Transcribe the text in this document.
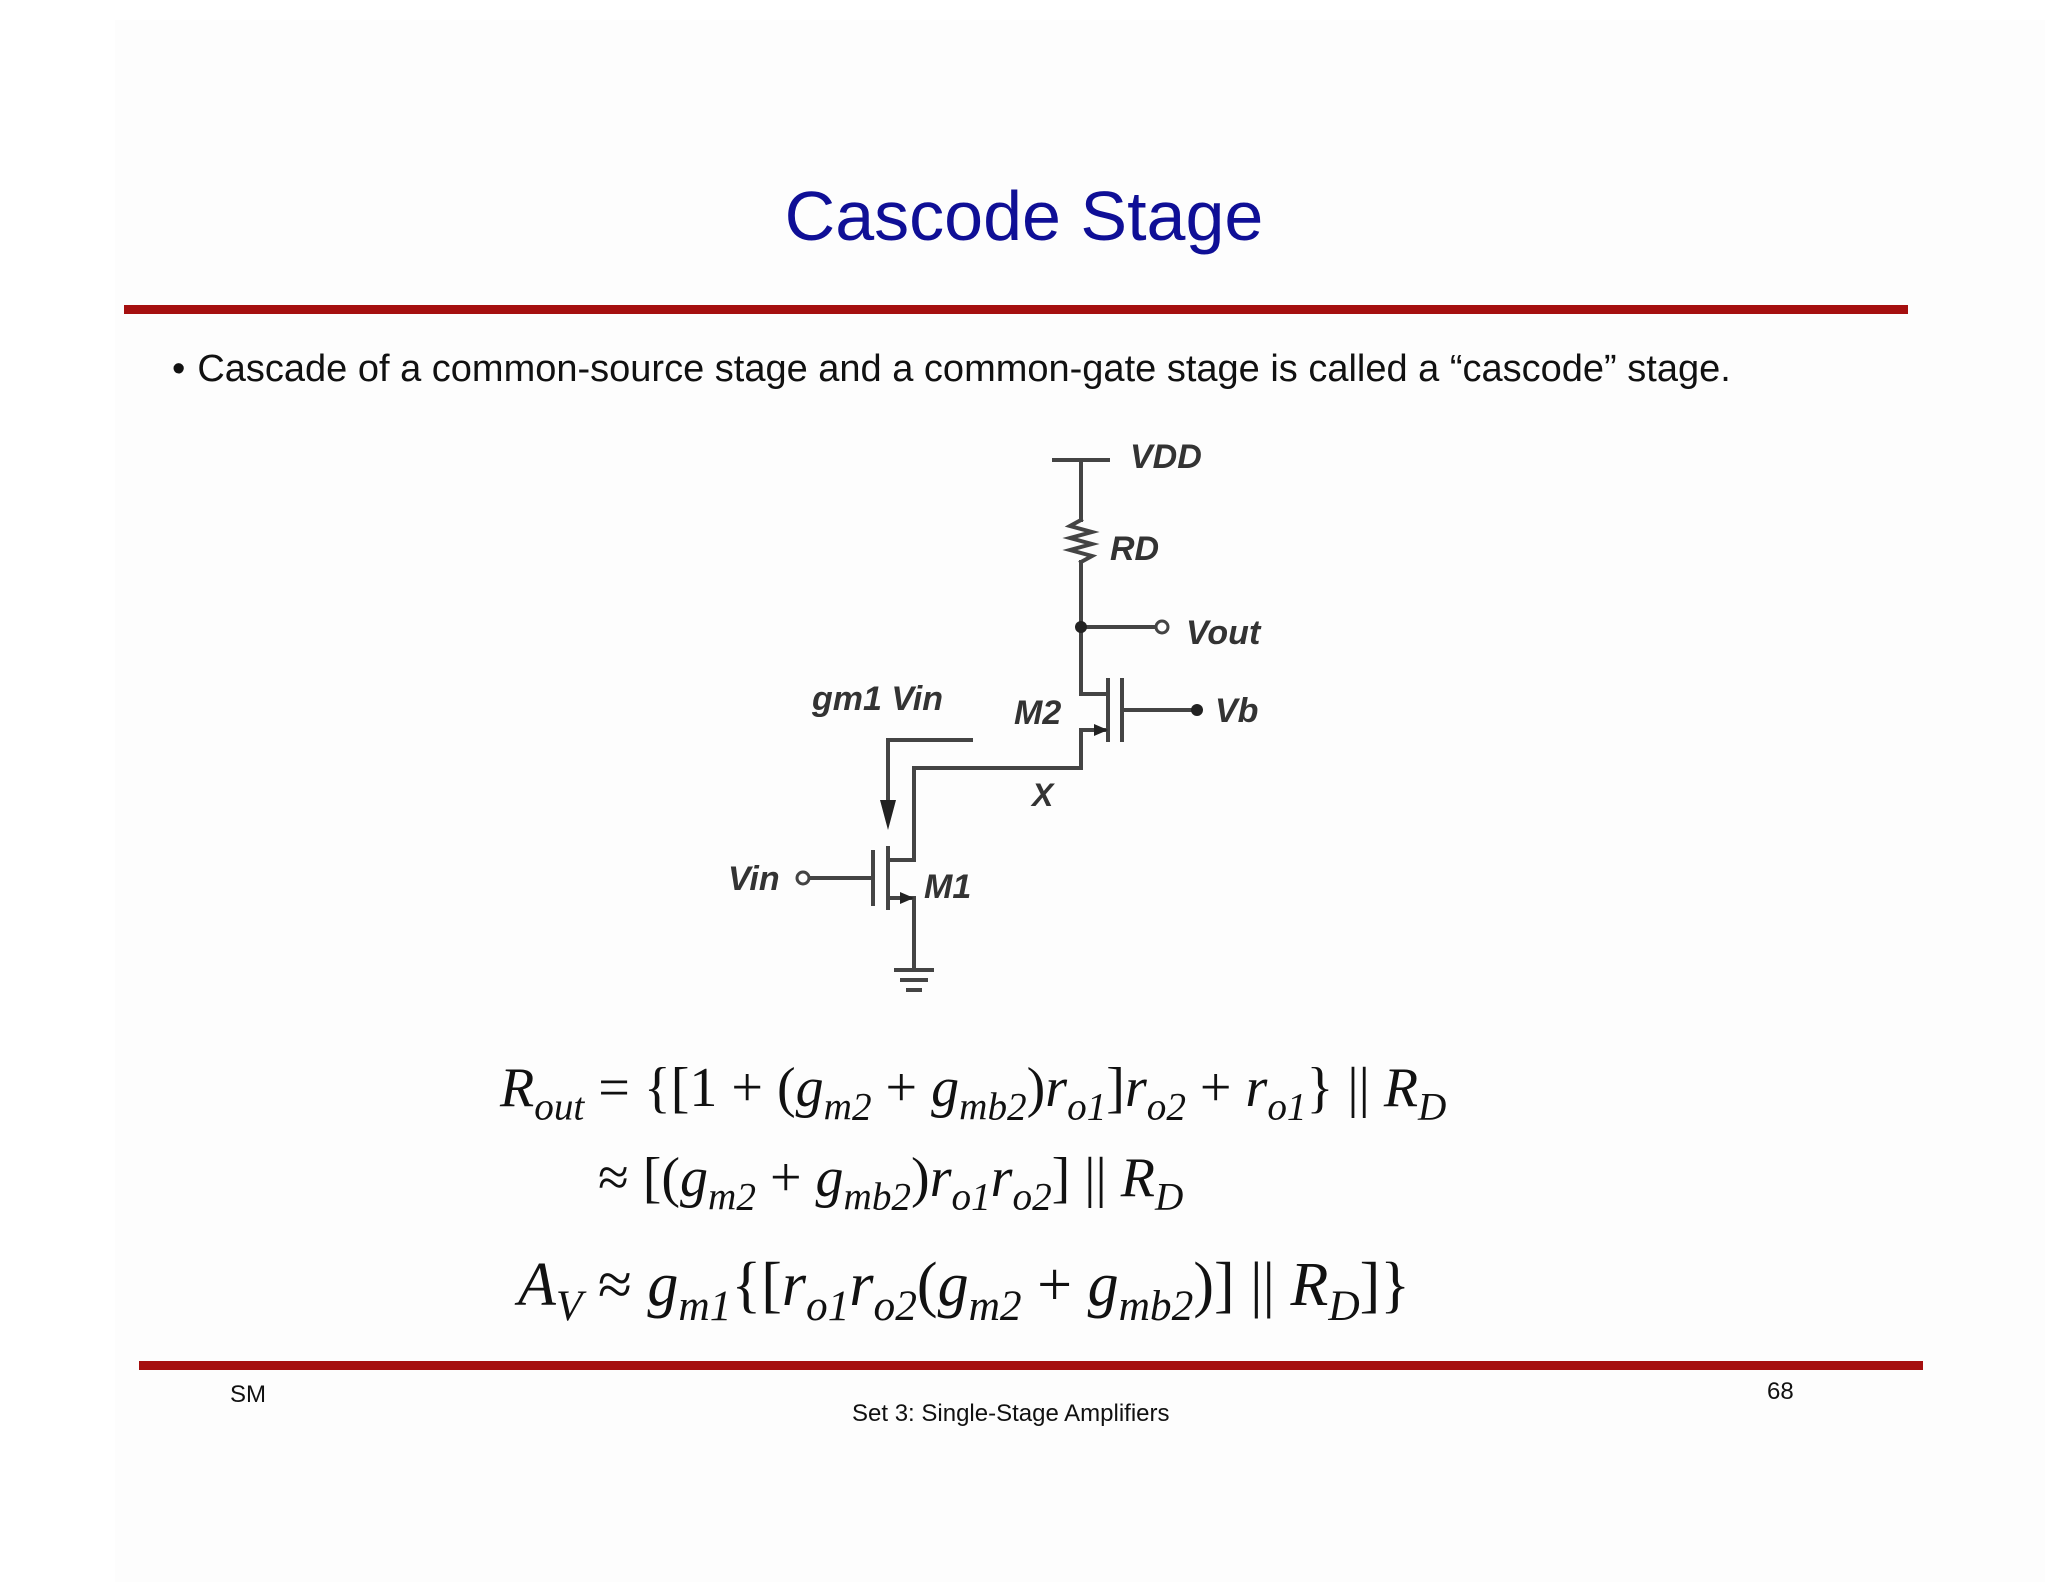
Cascode Stage
• Cascade of a common-source stage and a common-gate stage is called a “cascode” stage.
VDD
RD
Vout
Vb
M2
gm1 Vin
X
Vin	M1
$R_{out} = \{[1 + (g_{m2} + g_{mb2})r_{o1}]r_{o2} + r_{o1}\}$ || $R_D$
≈ $[(g_{m2} + g_{mb2})r_{o1}r_{o2}]$ || $R_D$
$A_V \approx g_{m1}\{[r_{o1}r_{o2}(g_{m2} + g_{mb2})]$ || $R_D$]}
SM
Set 3: Single-Stage Amplifiers
68
